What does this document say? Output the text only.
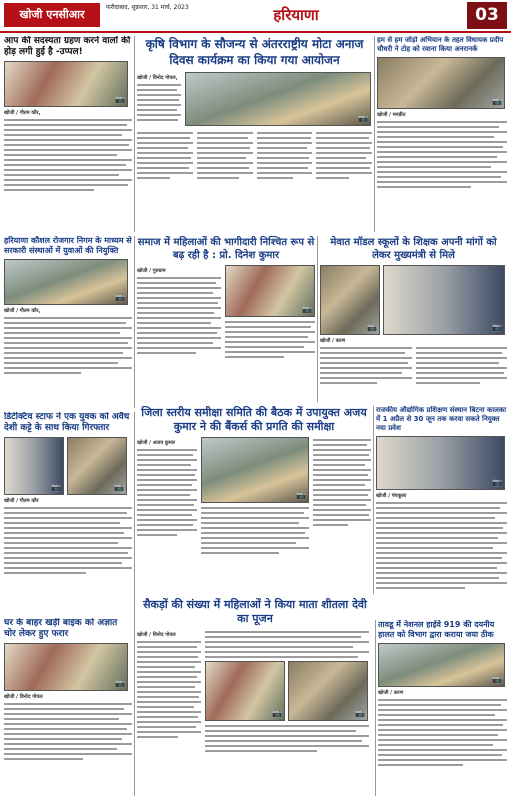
खोजी एनसीआर
फरीदाबाद, शुक्रवार, 31 मार्च, 2023	हरियाणा	03
आप की सदस्यता ग्रहण करने वालों की होड़ लगी हुई है -उप्पल!
📷
खोजी / गौतम कौर,
कृषि विभाग के सौजन्य से अंतरराष्ट्रीय मोटा अनाज दिवस कार्यक्रम का किया गया आयोजन
खोजी / विनोद गोयल,
📷
हम से हम जोड़ो अभियान के तहत विधायक प्रदीप चौधरी ने टोह को रवाना किया अनरानर्क
📷
खोजी / मनप्रीत
हरियाणा कौशल रोजगार निगम के माध्यम से सरकारी संस्थाओं में युवाओं की नियुक्ति
📷
खोजी / गौतम कौर,
समाज में महिलाओं की भागीदारी निश्चित रूप से बढ़ रही है : प्रो. दिनेश कुमार
खोजी / गुरुग्राम
📷
मेवात मॉडल स्कूलों के शिक्षक अपनी मांगों को लेकर मुख्यमंत्री से मिले
📷	📷
खोजी / करण
डिटेक्टिव स्टाफ ने एक युवक को अवैध देशी कट्टे के साथ किया गिरफ्तार
📷	📷
खोजी / गौतम कौर
जिला स्तरीय समीक्षा समिति की बैठक में उपायुक्त अजय कुमार ने की बैंकर्स की प्रगति की समीक्षा
खोजी / अजय कुमार
📷
राजकीय औद्योगिक प्रशिक्षण संस्थान बिटना कालका में 1 अप्रैल से 30 जून तक करवा सकते नियुक्त नया प्रवेश
📷
खोजी / पंचकूला
घर के बाहर खड़ी बाइक को अज्ञात चोर लेकर हुए फरार
📷
खोजी / विनोद गोयल
सैकड़ों की संख्या में महिलाओं ने किया माता शीतला देवी का पूजन
खोजी / विनोद गोयल
📷	📷
तावडू में नेशनल हाईवे 919 की दयनीय हालत को विभाग द्वारा कराया जया ठीक
📷
खोजी / करण
